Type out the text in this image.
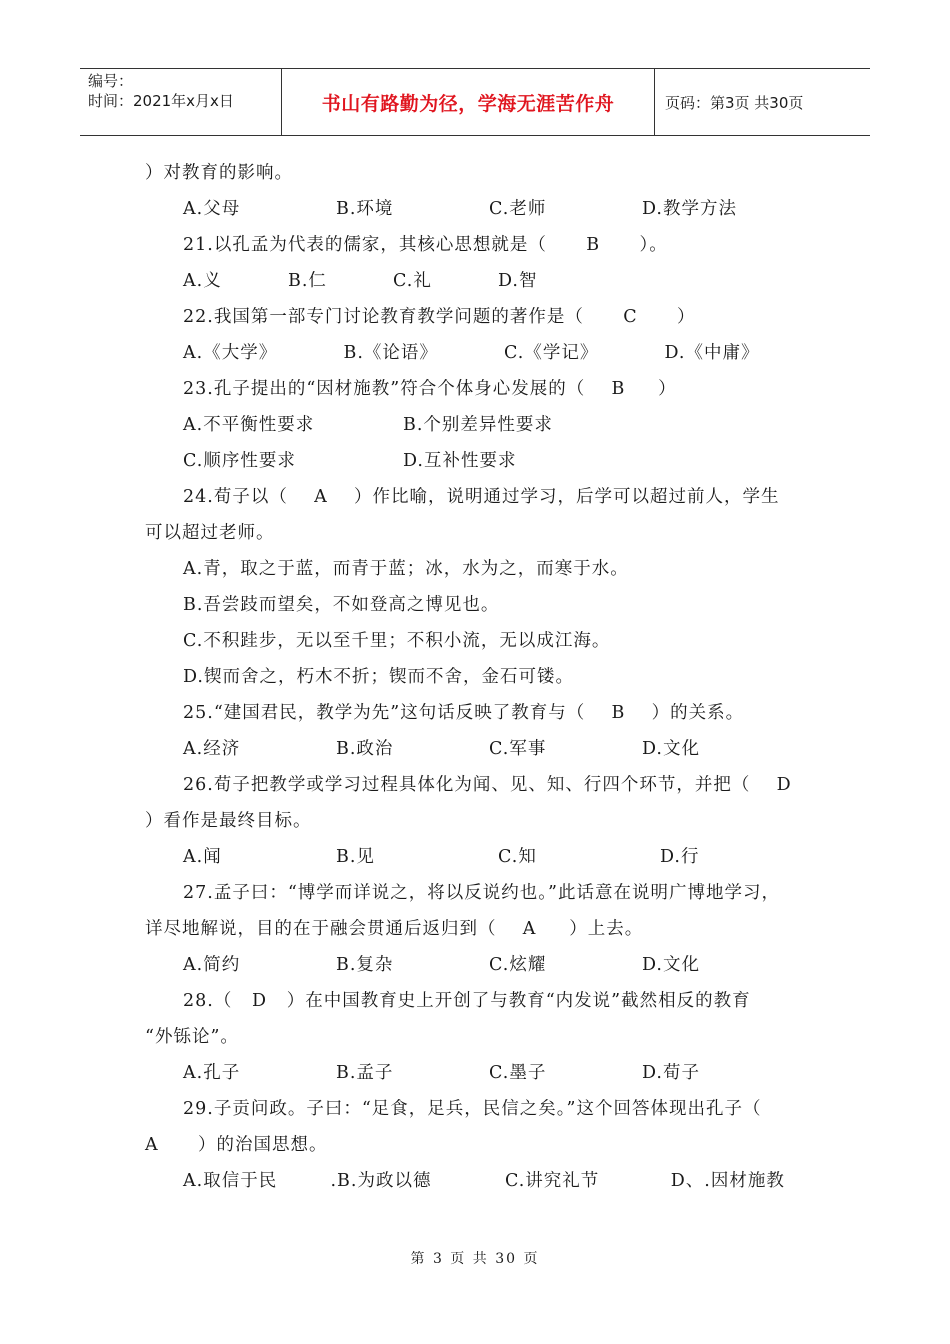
编号：
时间：2021年x月x日	书山有路勤为径，学海无涯苦作舟	页码：第3页 共30页
）对教育的影响。
A.父母	B.环境	C.老师	D.教学方法
21.以孔孟为代表的儒家，其核心思想就是（      B      ）。
A.义	B.仁	C.礼	D.智
22.我国第一部专门讨论教育教学问题的著作是（      C      ）
A.《大学》	B.《论语》	C.《学记》	D.《中庸》
23.孔子提出的“因材施教”符合个体身心发展的（    B     ）
A.不平衡性要求	B.个别差异性要求
C.顺序性要求	D.互补性要求
24.荀子以（    A    ）作比喻，说明通过学习，后学可以超过前人，学生
可以超过老师。
A.青，取之于蓝，而青于蓝；冰，水为之，而寒于水。
B.吾尝跂而望矣，不如登高之博见也。
C.不积跬步，无以至千里；不积小流，无以成江海。
D.锲而舍之，朽木不折；锲而不舍，金石可镂。
25.“建国君民，教学为先”这句话反映了教育与（    B    ）的关系。
A.经济	B.政治	C.军事	D.文化
26.荀子把教学或学习过程具体化为闻、见、知、行四个环节，并把（    D
）看作是最终目标。
A.闻	B.见	C.知	D.行
27.孟子曰：“博学而详说之，将以反说约也。”此话意在说明广博地学习，
详尽地解说，目的在于融会贯通后返归到（    A     ）上去。
A.简约	B.复杂	C.炫耀	D.文化
28.（   D   ）在中国教育史上开创了与教育“内发说”截然相反的教育
“外铄论”。
A.孔子	B.孟子	C.墨子	D.荀子
29.子贡问政。子曰：“足食，足兵，民信之矣。”这个回答体现出孔子（
A      ）的治国思想。
A.取信于民	.B.为政以德	C.讲究礼节	D、.因材施教
第 3 页 共 30 页
